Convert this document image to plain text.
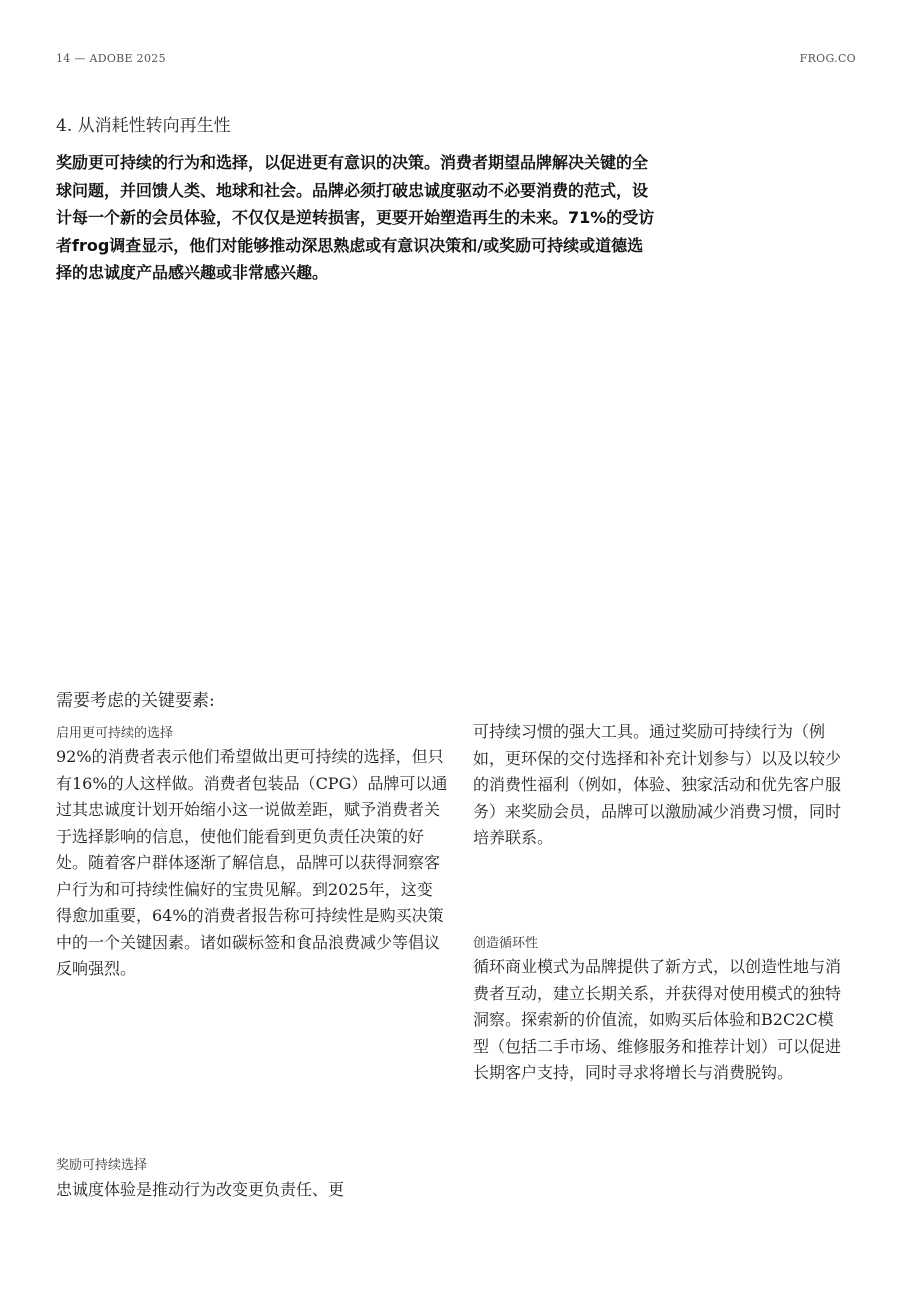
14 — ADOBE 2025	FROG.CO
4. 从消耗性转向再生性

奖励更可持续的行为和选择，以促进更有意识的决策。消费者期望品牌解决关键的全球问题，并回馈人类、地球和社会。品牌必须打破忠诚度驱动不必要消费的范式，设计每一个新的会员体验，不仅仅是逆转损害，更要开始塑造再生的未来。71%的受访者frog调查显示，他们对能够推动深思熟虑或有意识决策和/或奖励可持续或道德选择的忠诚度产品感兴趣或非常感兴趣。

需要考虑的关键要素:
启用更可持续的选择

92%的消费者表示他们希望做出更可持续的选择，但只有16%的人这样做。消费者包装品（CPG）品牌可以通过其忠诚度计划开始缩小这一说做差距，赋予消费者关于选择影响的信息，使他们能看到更负责任决策的好处。随着客户群体逐渐了解信息，品牌可以获得洞察客户行为和可持续性偏好的宝贵见解。到2025年，这变得愈加重要，64%的消费者报告称可持续性是购买决策中的一个关键因素。诸如碳标签和食品浪费减少等倡议反响强烈。

可持续习惯的强大工具。通过奖励可持续行为（例如，更环保的交付选择和补充计划参与）以及以较少的消费性福利（例如，体验、独家活动和优先客户服务）来奖励会员，品牌可以激励减少消费习惯，同时培养联系。

创造循环性

循环商业模式为品牌提供了新方式，以创造性地与消费者互动，建立长期关系，并获得对使用模式的独特洞察。探索新的价值流，如购买后体验和B2C2C模型（包括二手市场、维修服务和推荐计划）可以促进长期客户支持，同时寻求将增长与消费脱钩。

奖励可持续选择

忠诚度体验是推动行为改变更负责任、更
